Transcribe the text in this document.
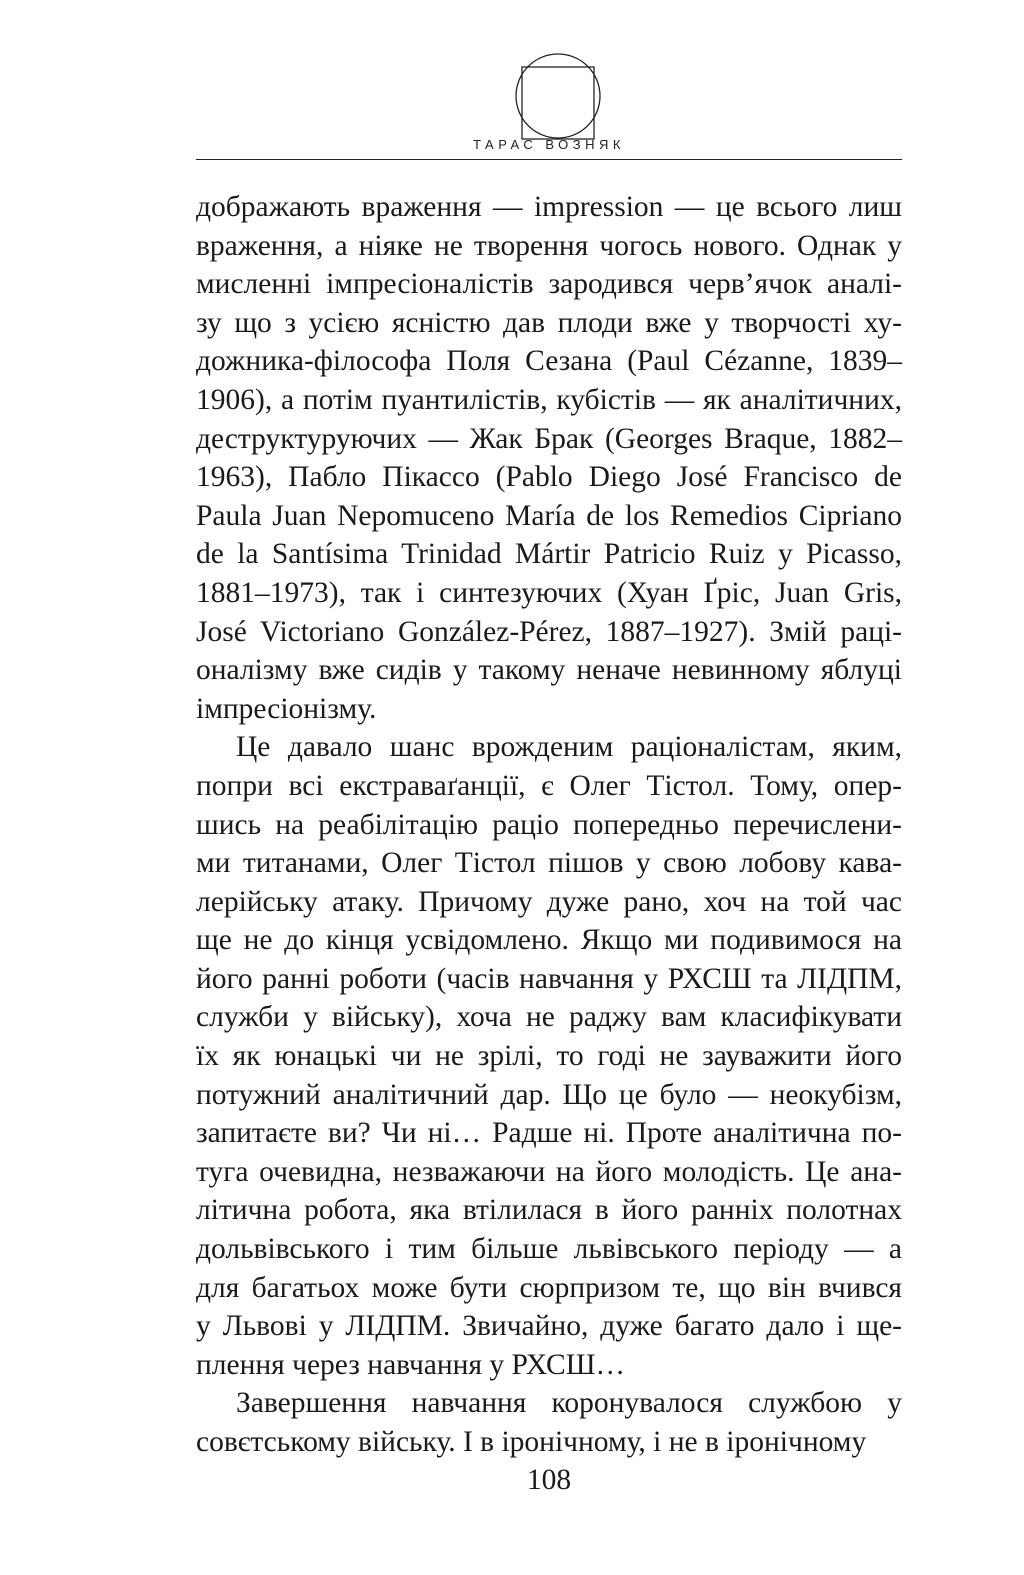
ТАРАС ВОЗНЯК

дображають враження — impression — це всього лиш
враження, а ніяке не творення чогось нового. Однак у
мисленні імпресіоналістів зародився черв’ячок аналі-
зу що з усією ясністю дав плоди вже у творчості ху-
дожника-філософа Поля Сезана (Paul Cézanne, 1839–
1906), а потім пуантилістів, кубістів — як аналітичних,
деструктуруючих — Жак Брак (Georges Braque, 1882–
1963), Пабло Пікассо (Pablo Diego José Francisco de
Paula Juan Nepomuceno María de los Remedios Cipriano
de la Santísima Trinidad Mártir Patricio Ruiz y Picasso,
1881–1973), так і синтезуючих (Хуан Ґріс, Juan Gris,
José Victoriano González-Pérez, 1887–1927). Змій раці-
оналізму вже сидів у такому неначе невинному яблуці
імпресіонізму.

Це давало шанс врожденим раціоналістам, яким,
попри всі екстраваґанції, є Олег Тістол. Тому, опер-
шись на реабілітацію раціо попередньо перечислени-
ми титанами, Олег Тістол пішов у свою лобову кава-
лерійську атаку. Причому дуже рано, хоч на той час
ще не до кінця усвідомлено. Якщо ми подивимося на
його ранні роботи (часів навчання у РХСШ та ЛІДПМ,
служби у війську), хоча не раджу вам класифікувати
їх як юнацькі чи не зрілі, то годі не зауважити його
потужний аналітичний дар. Що це було — неокубізм,
запитаєте ви? Чи ні… Радше ні. Проте аналітична по-
туга очевидна, незважаючи на його молодість. Це ана-
літична робота, яка втілилася в його ранніх полотнах
дольвівського і тим більше львівського періоду — а
для багатьох може бути сюрпризом те, що він вчився
у Львові у ЛІДПМ. Звичайно, дуже багато дало і ще-
плення через навчання у РХСШ…

Завершення навчання коронувалося службою у
совєтському війську. І в іронічному, і не в іронічному

108
